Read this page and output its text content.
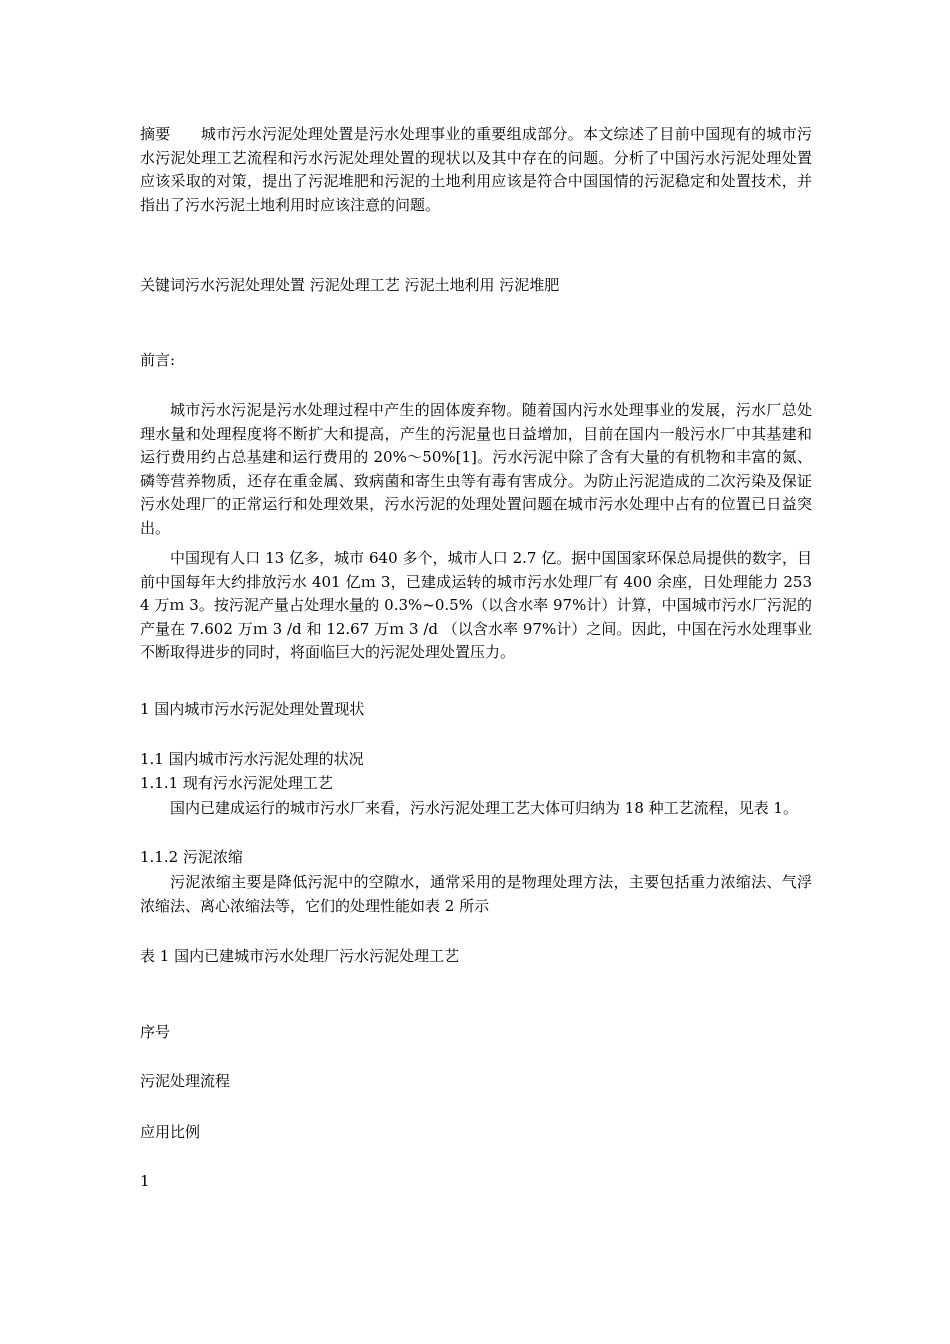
摘要 城市污水污泥处理处置是污水处理事业的重要组成部分。本文综述了目前中国现有的城市污水污泥处理工艺流程和污水污泥处理处置的现状以及其中存在的问题。分析了中国污水污泥处理处置应该采取的对策，提出了污泥堆肥和污泥的土地利用应该是符合中国国情的污泥稳定和处置技术，并指出了污水污泥土地利用时应该注意的问题。

关键词污水污泥处理处置 污泥处理工艺 污泥土地利用 污泥堆肥

前言:

城市污水污泥是污水处理过程中产生的固体废弃物。随着国内污水处理事业的发展，污水厂总处理水量和处理程度将不断扩大和提高，产生的污泥量也日益增加，目前在国内一般污水厂中其基建和运行费用约占总基建和运行费用的 20%～50%[1]。污水污泥中除了含有大量的有机物和丰富的氮、磷等营养物质，还存在重金属、致病菌和寄生虫等有毒有害成分。为防止污泥造成的二次污染及保证污水处理厂的正常运行和处理效果，污水污泥的处理处置问题在城市污水处理中占有的位置已日益突出。

中国现有人口 13 亿多，城市 640 多个，城市人口 2.7 亿。据中国国家环保总局提供的数字，目前中国每年大约排放污水 401 亿ｍ 3，已建成运转的城市污水处理厂有 400 余座，日处理能力 2534 万ｍ 3。按污泥产量占处理水量的 0.3%~0.5%（以含水率 97%计）计算，中国城市污水厂污泥的产量在 7.602 万ｍ 3 /d 和 12.67 万ｍ 3 /d （以含水率 97%计）之间。因此，中国在污水处理事业不断取得进步的同时，将面临巨大的污泥处理处置压力。

1 国内城市污水污泥处理处置现状

1.1 国内城市污水污泥处理的状况

1.1.1 现有污水污泥处理工艺

国内已建成运行的城市污水厂来看，污水污泥处理工艺大体可归纳为 18 种工艺流程，见表 1。

1.1.2 污泥浓缩

污泥浓缩主要是降低污泥中的空隙水，通常采用的是物理处理方法，主要包括重力浓缩法、气浮浓缩法、离心浓缩法等，它们的处理性能如表 2 所示

表 1 国内已建城市污水处理厂污水污泥处理工艺

序号

污泥处理流程

应用比例

1
